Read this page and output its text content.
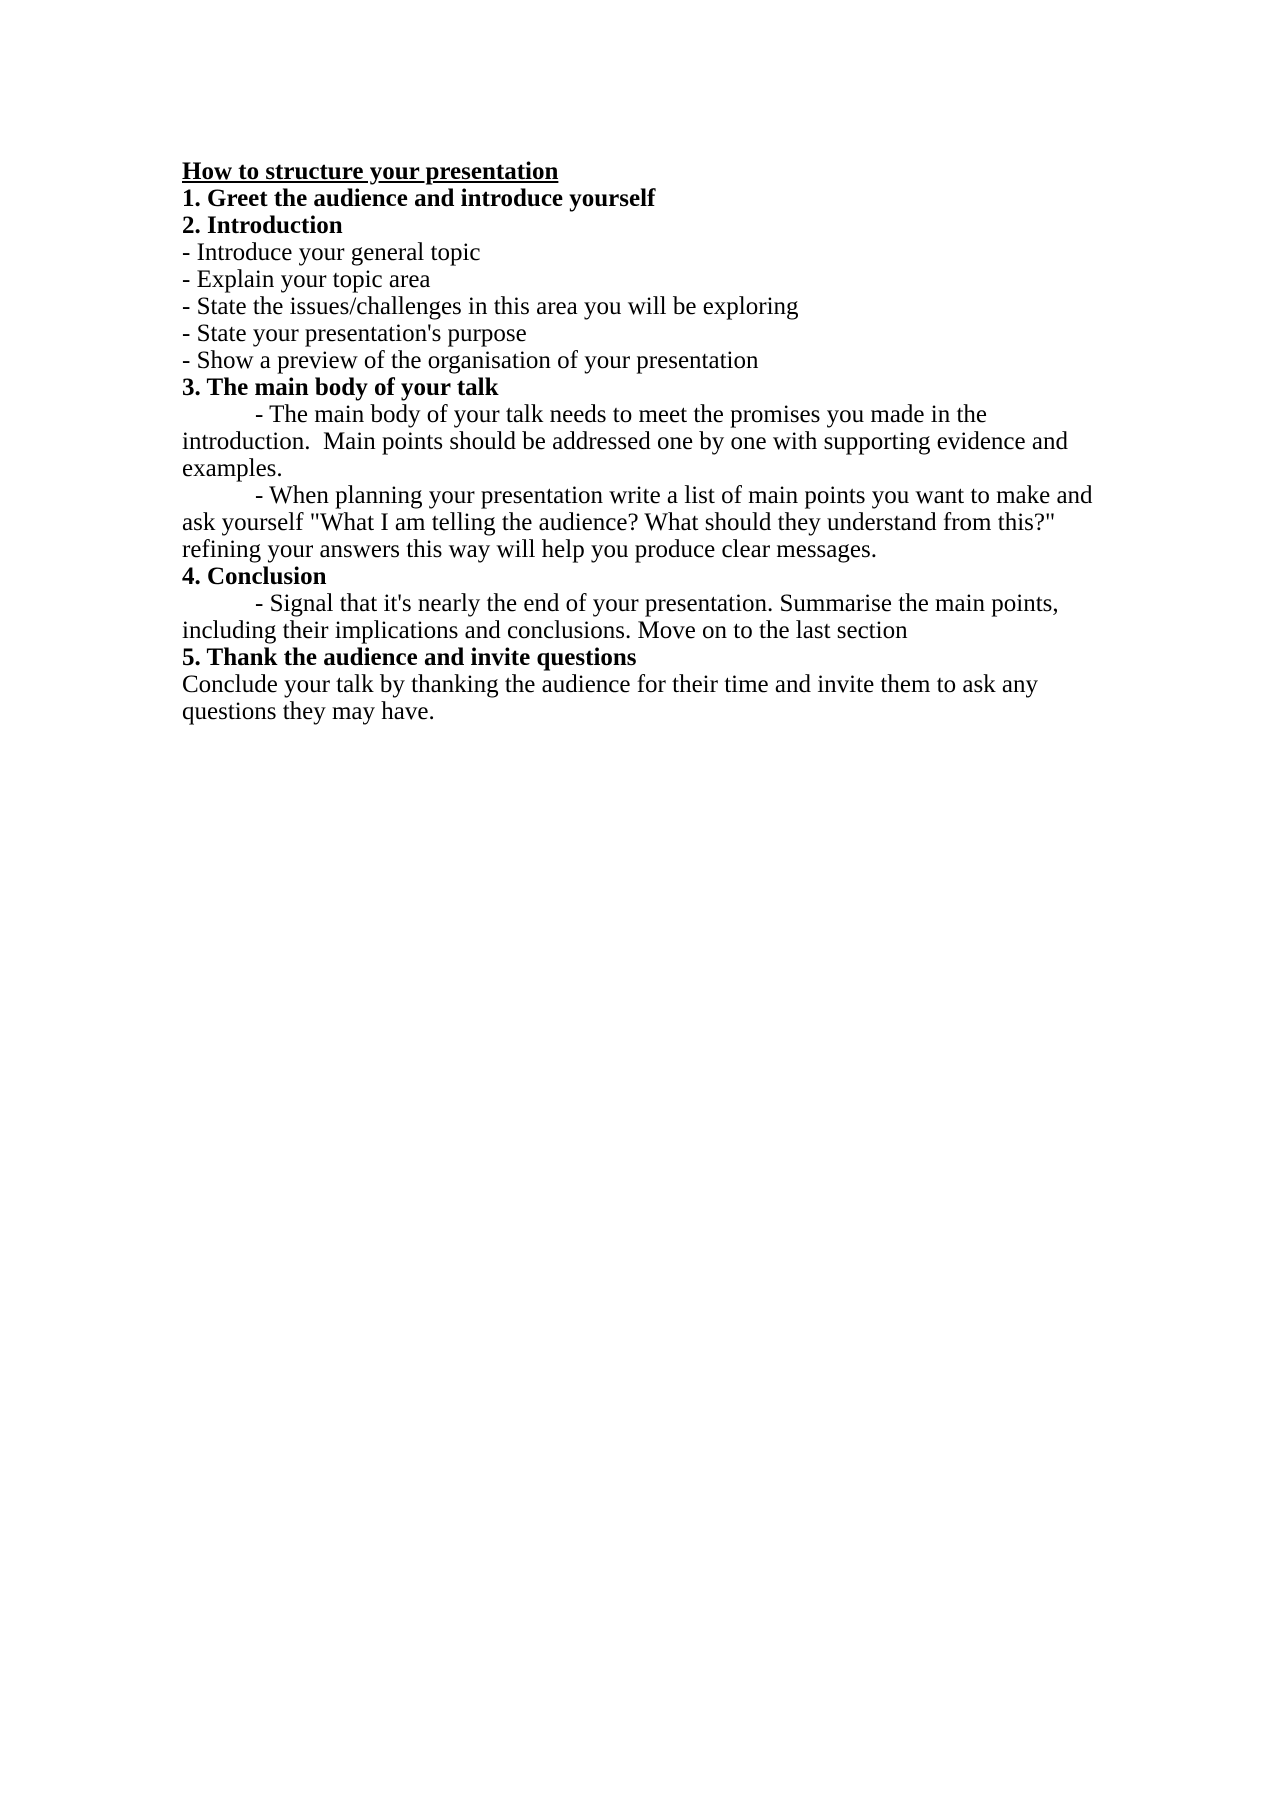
How to structure your presentation
1. Greet the audience and introduce yourself
2. Introduction

- Introduce your general topic

- Explain your topic area

- State the issues/challenges in this area you will be exploring

- State your presentation's purpose

- Show a preview of the organisation of your presentation

3. The main body of your talk

- The main body of your talk needs to meet the promises you made in the introduction.  Main points should be addressed one by one with supporting evidence and examples.

- When planning your presentation write a list of main points you want to make and ask yourself "What I am telling the audience? What should they understand from this?" refining your answers this way will help you produce clear messages.

4. Conclusion

- Signal that it's nearly the end of your presentation. Summarise the main points, including their implications and conclusions. Move on to the last section

5. Thank the audience and invite questions

Conclude your talk by thanking the audience for their time and invite them to ask any questions they may have.
